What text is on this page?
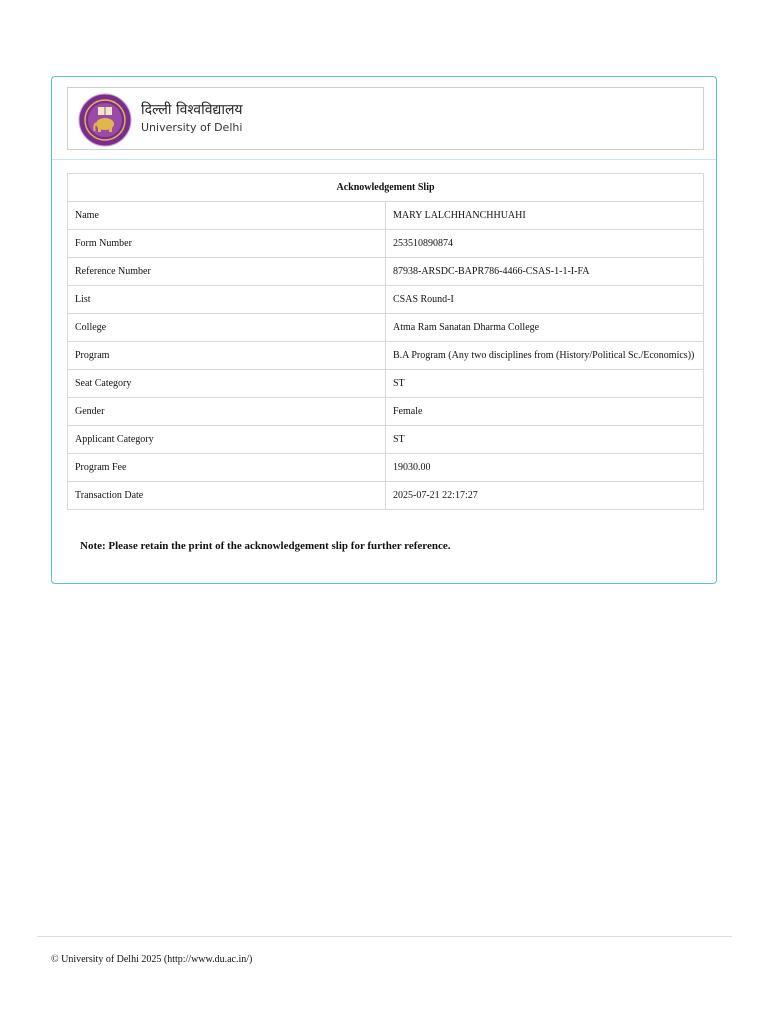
दिल्ली विश्वविद्यालय
University of Delhi
Acknowledgement Slip	
Name	MARY LALCHHANCHHUAHI
Form Number	253510890874
Reference Number	87938-ARSDC-BAPR786-4466-CSAS-1-1-I-FA
List	CSAS Round-I
College	Atma Ram Sanatan Dharma College
Program	B.A Program (Any two disciplines from (History/Political Sc./Economics))
Seat Category	ST
Gender	Female
Applicant Category	ST
Program Fee	19030.00
Transaction Date	2025-07-21 22:17:27
Note: Please retain the print of the acknowledgement slip for further reference.
© University of Delhi 2025 (http://www.du.ac.in/)
